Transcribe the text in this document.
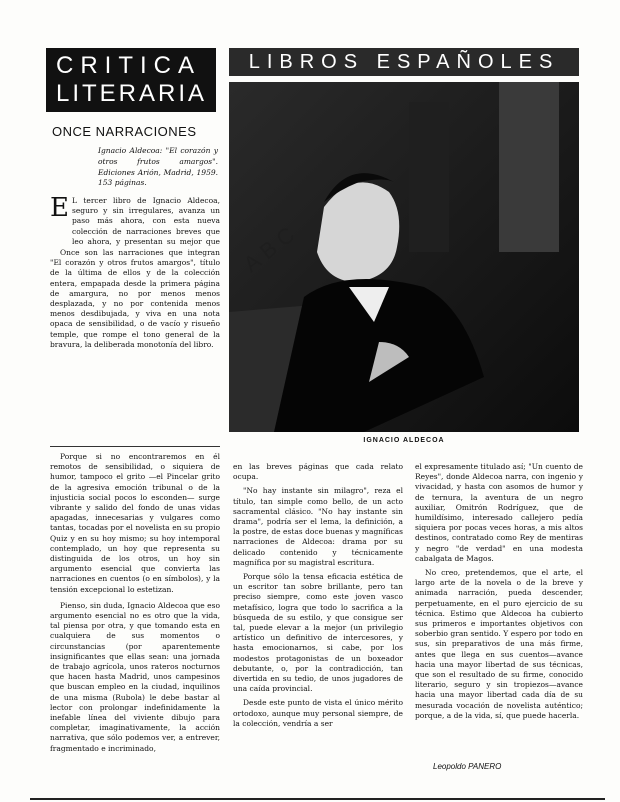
CRITICA
LITERARIA
LIBROS ESPAÑOLES
IGNACIO ALDECOA
ONCE NARRACIONES
Ignacio Aldecoa: "El corazón y otros frutos amargos". Ediciones Arión, Madrid, 1959. 153 páginas.
E L tercer libro de Ignacio Aldecoa, seguro y sin irregulares, avanza un paso más ahora, con esta nueva colección de narraciones breves que leo ahora, y presentan su mejor que

Once son las narraciones que integran "El corazón y otros frutos amargos", título de la última de ellos y de la colección entera, empapada desde la primera página de amargura, no por menos menos desplazada, y no por contenida menos menos desdibujada, y viva en una nota opaca de sensibilidad, o de vacío y risueño temple, que rompe el tono general de la bravura, la deliberada monotonía del libro.

Porque si no encontraremos en él remotos de sensibilidad, o siquiera de humor, tampoco el grito —el Pincelar grito de la agresiva emoción tribunal o de la injusticia social pocos lo esconden— surge vibrante y salido del fondo de unas vidas apagadas, innecesarias y vulgares como tantas, tocadas por el novelista en su propio Quiz y en su hoy mismo; su hoy intemporal contemplado, un hoy que representa su distinguida de los otros, un hoy sin argumento esencial que convierta las narraciones en cuentos (o en símbolos), y la tensión excepcional lo estetizan.

Pienso, sin duda, Ignacio Aldecoa que eso argumento esencial no es otro que la vida, tal piensa por otra, y que tomando esta en cualquiera de sus momentos o circunstancias (por aparentemente insignificantes que ellas sean: una jornada de trabajo agrícola, unos rateros nocturnos que hacen hasta Madrid, unos campesinos que buscan empleo en la ciudad, inquilinos de una misma (Rubola) le debe bastar al lector con prolongar indefinidamente la inefable línea del viviente dibujo para completar, imaginativamente, la acción narrativa, que sólo podemos ver, a entrever, fragmentado e incriminado,

en las breves páginas que cada relato ocupa.

"No hay instante sin milagro", reza el título, tan simple como bello, de un acto sacramental clásico. "No hay instante sin drama", podría ser el lema, la definición, a la postre, de estas doce buenas y magníficas narraciones de Aldecoa: drama por su delicado contenido y técnicamente magnífica por su magistral escritura.

Porque sólo la tensa eficacia estética de un escritor tan sobre brillante, pero tan preciso siempre, como este joven vasco metafísico, logra que todo lo sacrifica a la búsqueda de su estilo, y que consigue ser tal, puede elevar a la mejor (un privilegio artístico un definitivo de intercesores, y hasta emocionarnos, si cabe, por los modestos protagonistas de un boxeador debutante, o, por la contradicción, tan divertida en su tedio, de unos jugadores de una caída provincial.

Desde este punto de vista el único mérito ortodoxo, aunque muy personal siempre, de la colección, vendría a ser

el expresamente titulado así; "Un cuento de Reyes", donde Aldecoa narra, con ingenio y vivacidad, y hasta con asomos de humor y de ternura, la aventura de un negro auxiliar, Omitrón Rodríguez, que de humildísimo, interesado callejero pedía siquiera por pocas veces horas, a mis altos destinos, contratado como Rey de mentiras y negro "de verdad" en una modesta cabalgata de Magos.

No creo, pretendemos, que el arte, el largo arte de la novela o de la breve y animada narración, pueda descender, perpetuamente, en el puro ejercicio de su técnica. Estimo que Aldecoa ha cubierto sus primeros e importantes objetivos con soberbio gran sentido. Y espero por todo en sus, sin preparativos de una más firme, antes que llega en sus cuentos—avance hacia una mayor libertad de sus técnicas, que son el resultado de su firme, conocido literario, seguro y sin tropiezos—avance hacia una mayor libertad cada día de su mesurada vocación de novelista auténtico; porque, a de la vida, sí, que puede hacerla.

Leopoldo PANERO
ABC
